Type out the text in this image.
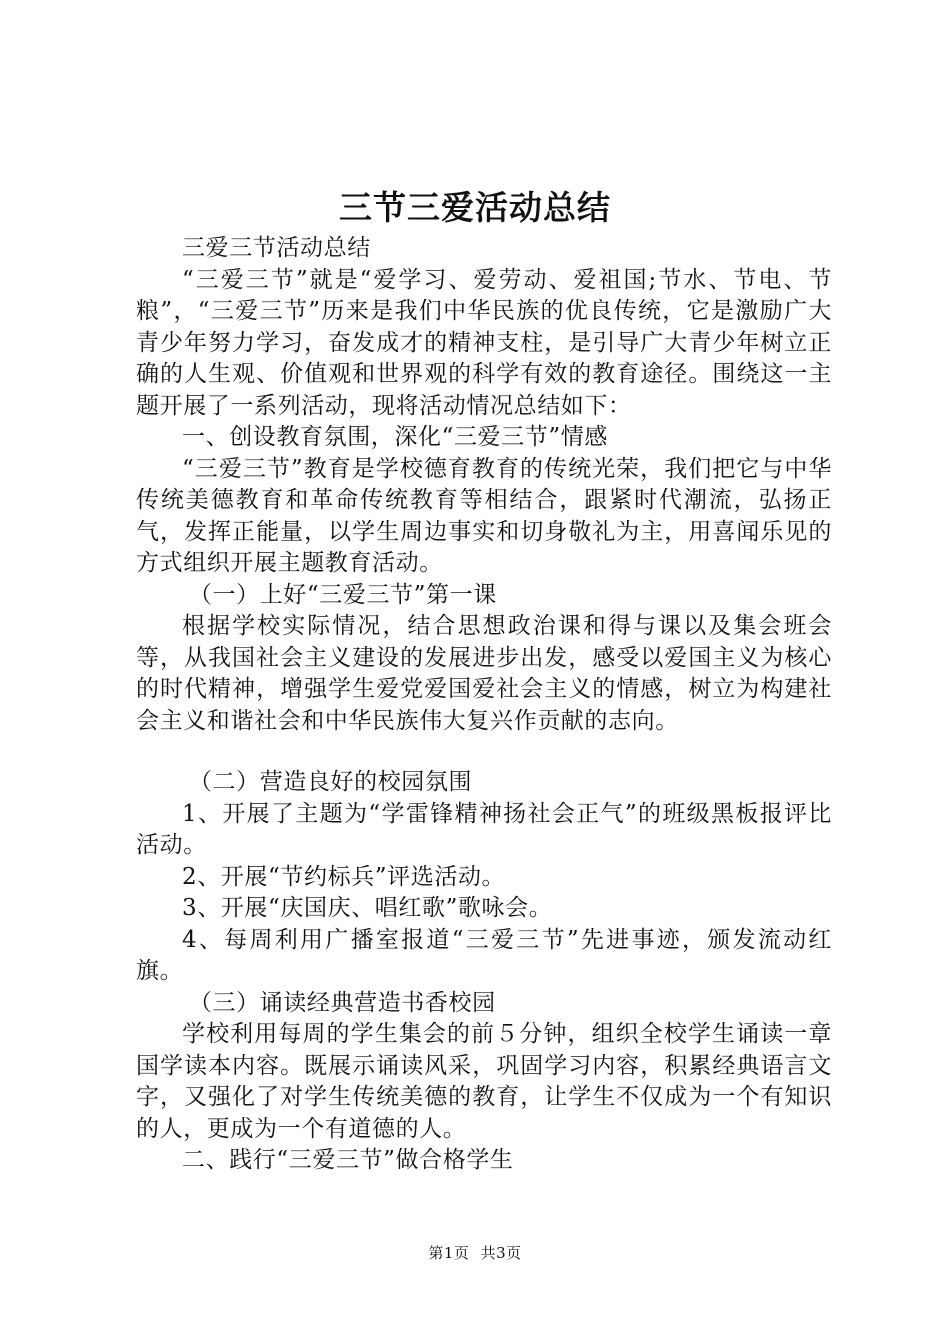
三节三爱活动总结

三爱三节活动总结

“三爱三节”就是“爱学习、爱劳动、爱祖国;节水、节电、节粮”，“三爱三节”历来是我们中华民族的优良传统，它是激励广大青少年努力学习，奋发成才的精神支柱，是引导广大青少年树立正确的人生观、价值观和世界观的科学有效的教育途径。围绕这一主题开展了一系列活动，现将活动情况总结如下：

一、创设教育氛围，深化“三爱三节”情感

“三爱三节”教育是学校德育教育的传统光荣，我们把它与中华传统美德教育和革命传统教育等相结合，跟紧时代潮流，弘扬正气，发挥正能量，以学生周边事实和切身敬礼为主，用喜闻乐见的方式组织开展主题教育活动。

（一）上好“三爱三节”第一课

根据学校实际情况，结合思想政治课和得与课以及集会班会等，从我国社会主义建设的发展进步出发，感受以爱国主义为核心的时代精神，增强学生爱党爱国爱社会主义的情感，树立为构建社会主义和谐社会和中华民族伟大复兴作贡献的志向。

（二）营造良好的校园氛围

1、开展了主题为“学雷锋精神扬社会正气”的班级黑板报评比活动。

2、开展“节约标兵”评选活动。

3、开展“庆国庆、唱红歌”歌咏会。

4、每周利用广播室报道“三爱三节”先进事迹，颁发流动红旗。

（三）诵读经典营造书香校园

学校利用每周的学生集会的前５分钟，组织全校学生诵读一章国学读本内容。既展示诵读风采，巩固学习内容，积累经典语言文字，又强化了对学生传统美德的教育，让学生不仅成为一个有知识的人，更成为一个有道德的人。

二、践行“三爱三节”做合格学生

第1页 共3页
